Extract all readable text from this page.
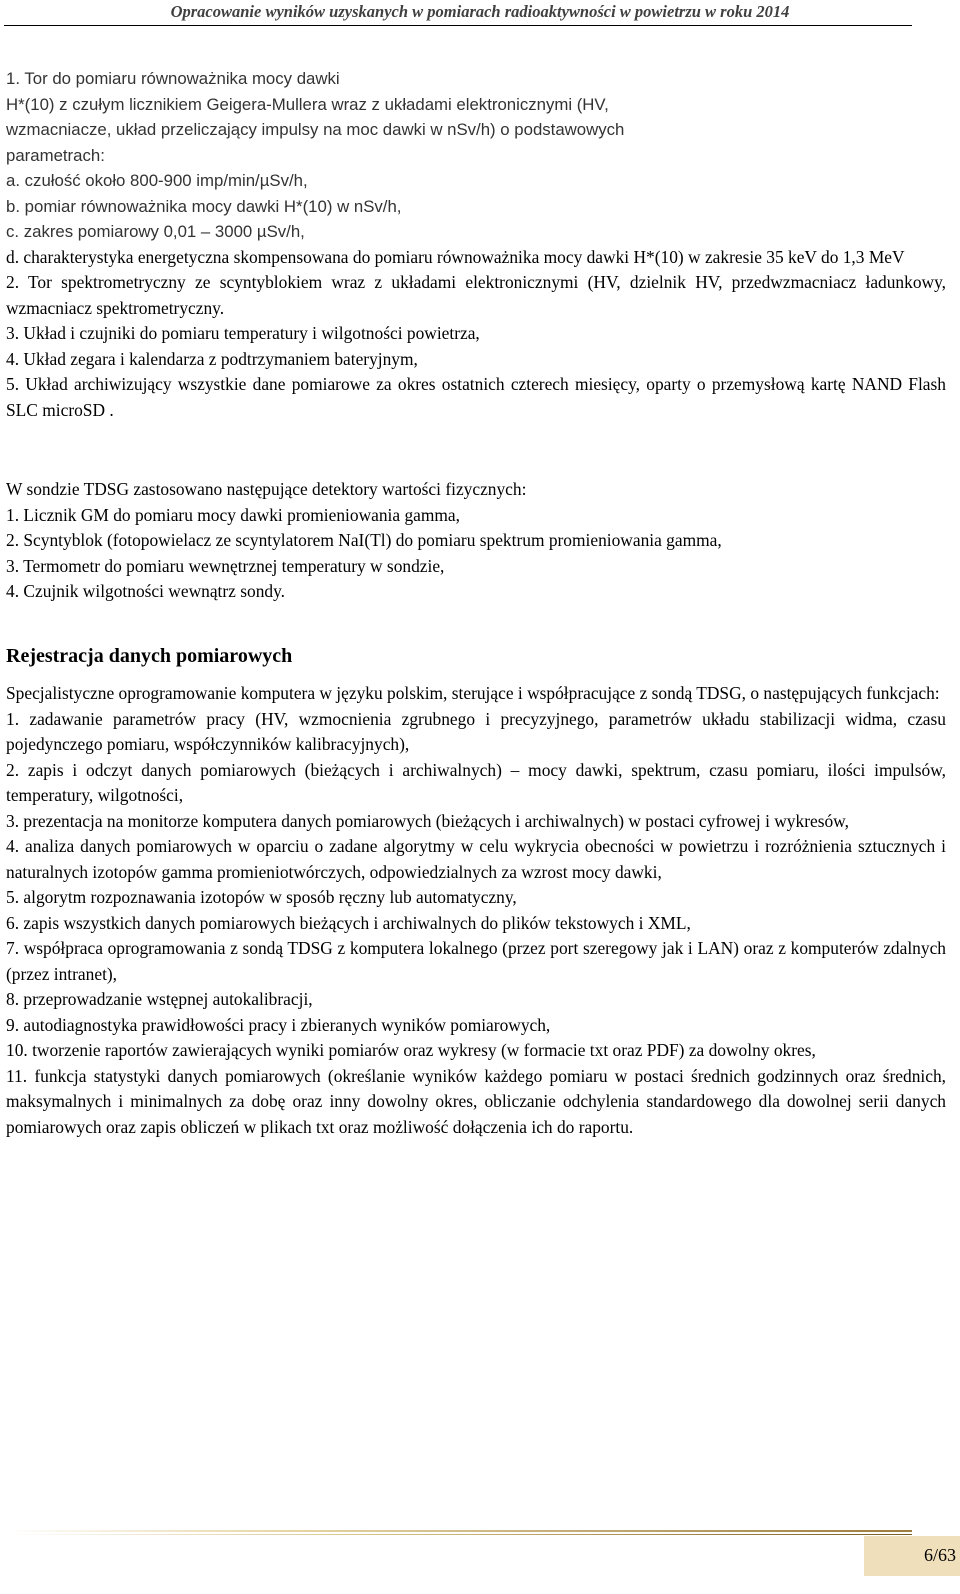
Opracowanie wyników uzyskanych w pomiarach radioaktywności w powietrzu w roku 2014

1. Tor do pomiaru równoważnika mocy dawki

H*(10) z czułym licznikiem Geigera-Mullera wraz z układami elektronicznymi (HV,

wzmacniacze, układ przeliczający impulsy na moc dawki w nSv/h) o podstawowych

parametrach:

a. czułość około 800-900 imp/min/µSv/h,

b. pomiar równoważnika mocy dawki H*(10) w nSv/h,

c. zakres pomiarowy 0,01 – 3000 µSv/h,

d. charakterystyka energetyczna skompensowana do pomiaru równoważnika mocy dawki H*(10) w zakresie 35 keV do 1,3 MeV

2. Tor spektrometryczny ze scyntyblokiem wraz z układami elektronicznymi (HV, dzielnik HV, przedwzmacniacz ładunkowy, wzmacniacz spektrometryczny.

3. Układ i czujniki do pomiaru temperatury i wilgotności powietrza,

4. Układ zegara i kalendarza z podtrzymaniem bateryjnym,

5. Układ archiwizujący wszystkie dane pomiarowe za okres ostatnich czterech miesięcy, oparty o przemysłową kartę NAND Flash SLC microSD .

W sondzie TDSG zastosowano następujące detektory wartości fizycznych:

1. Licznik GM do pomiaru mocy dawki promieniowania gamma,

2. Scyntyblok (fotopowielacz ze scyntylatorem NaI(Tl) do pomiaru spektrum promieniowania gamma,

3. Termometr do pomiaru wewnętrznej temperatury w sondzie,

4. Czujnik wilgotności wewnątrz sondy.

Rejestracja danych pomiarowych

Specjalistyczne oprogramowanie komputera w języku polskim, sterujące i współpracujące z sondą TDSG, o następujących funkcjach:

1. zadawanie parametrów pracy (HV, wzmocnienia zgrubnego i precyzyjnego, parametrów układu stabilizacji widma, czasu pojedynczego pomiaru, współczynników kalibracyjnych),

2. zapis i odczyt danych pomiarowych (bieżących i archiwalnych) – mocy dawki, spektrum, czasu pomiaru, ilości impulsów, temperatury, wilgotności,

3. prezentacja na monitorze komputera danych pomiarowych (bieżących i archiwalnych) w postaci cyfrowej i wykresów,

4. analiza danych pomiarowych w oparciu o zadane algorytmy w celu wykrycia obecności w powietrzu i rozróżnienia sztucznych i naturalnych izotopów gamma promieniotwórczych, odpowiedzialnych za wzrost mocy dawki,

5. algorytm rozpoznawania izotopów w sposób ręczny lub automatyczny,

6. zapis wszystkich danych pomiarowych bieżących i archiwalnych do plików tekstowych i XML,

7. współpraca oprogramowania z sondą TDSG z komputera lokalnego (przez port szeregowy jak i LAN) oraz z komputerów zdalnych (przez intranet),

8. przeprowadzanie wstępnej autokalibracji,

9. autodiagnostyka prawidłowości pracy i zbieranych wyników pomiarowych,

10. tworzenie raportów zawierających wyniki pomiarów oraz wykresy (w formacie txt oraz PDF) za dowolny okres,

11. funkcja statystyki danych pomiarowych (określanie wyników każdego pomiaru w postaci średnich godzinnych oraz średnich, maksymalnych i minimalnych za dobę oraz inny dowolny okres, obliczanie odchylenia standardowego dla dowolnej serii danych pomiarowych oraz zapis obliczeń w plikach txt oraz możliwość dołączenia ich do raportu.

6/63
